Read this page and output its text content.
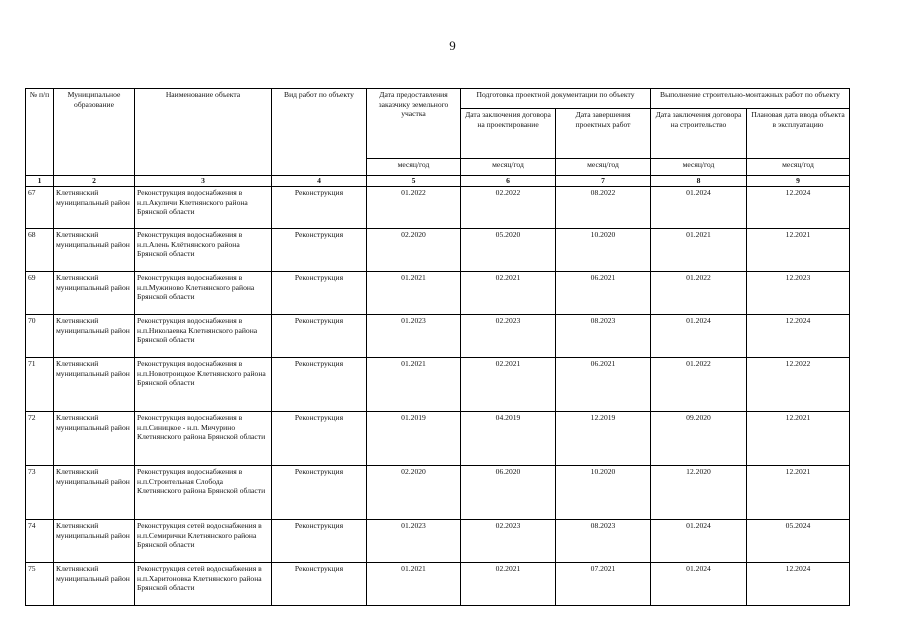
9
№ п/п	Муниципальное образование	Наименование объекта	Вид работ по объекту	Дата предоставления заказчику земельного участка	Подготовка проектной документации по объекту		Выполнение строительно-монтажных работ по объекту	
					Дата заключения договора на проектирование	Дата завершения проектных работ	Дата заключения договора на строительство	Плановая дата ввода объекта в эксплуатацию
				месяц/год	месяц/год	месяц/год	месяц/год	месяц/год
1	2	3	4	5	6	7	8	9
67	Клетнянский муниципальный район	Реконструкция водоснабжения в н.п.Акуличи Клетнянского района Брянской области	Реконструкция	01.2022	02.2022	08.2022	01.2024	12.2024
68	Клетнянский муниципальный район	Реконструкция водоснабжения в н.п.Алень Клётнянского района Брянской области	Реконструкция	02.2020	05.2020	10.2020	01.2021	12.2021
69	Клетнянский муниципальный район	Реконструкция водоснабжения в н.п.Мужиново Клетнянского района Брянской области	Реконструкция	01.2021	02.2021	06.2021	01.2022	12.2023
70	Клетнянский муниципальный район	Реконструкция водоснабжения в н.п.Николаевка Клетнянского района Брянской области	Реконструкция	01.2023	02.2023	08.2023	01.2024	12.2024
71	Клетнянский муниципальный район	Реконструкция водоснабжения в н.п.Новотроицкое Клетнянского района Брянской области	Реконструкция	01.2021	02.2021	06.2021	01.2022	12.2022
72	Клетнянский муниципальный район	Реконструкция водоснабжения в н.п.Синицкое - н.п. Мичурино Клетнянского района Брянской области	Реконструкция	01.2019	04.2019	12.2019	09.2020	12.2021
73	Клетнянский муниципальный район	Реконструкция водоснабжения в н.п.Строительная Слобода Клетнянского района Брянской области	Реконструкция	02.2020	06.2020	10.2020	12.2020	12.2021
74	Клетнянский муниципальный район	Реконструкция сетей водоснабжения в н.п.Семирички Клетнянского района Брянской области	Реконструкция	01.2023	02.2023	08.2023	01.2024	05.2024
75	Клетнянский муниципальный район	Реконструкция сетей водоснабжения в н.п.Харитоновка Клетнянского района Брянской области	Реконструкция	01.2021	02.2021	07.2021	01.2024	12.2024
